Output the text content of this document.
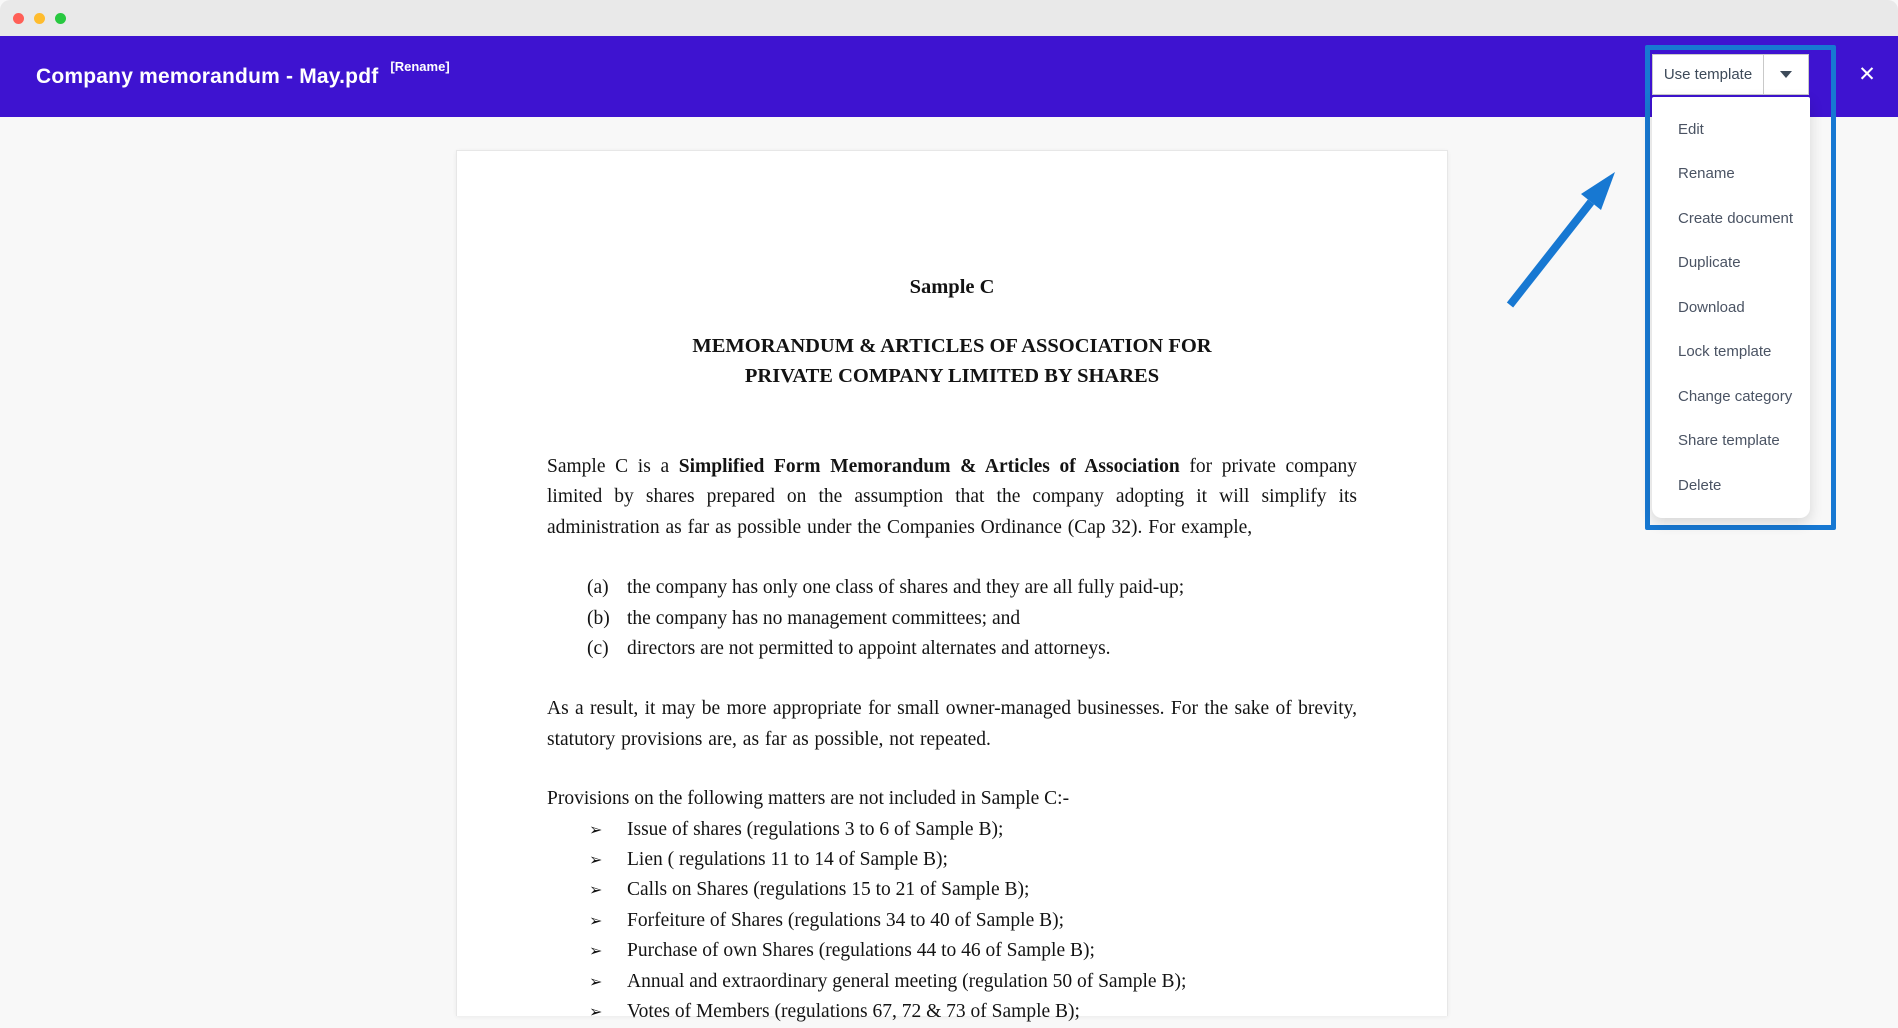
Company memorandum - May.pdf [Rename]	✕
Use template
Edit
Rename
Create document
Duplicate
Download
Lock template
Change category
Share template
Delete
Sample C
MEMORANDUM & ARTICLES OF ASSOCIATION FOR
PRIVATE COMPANY LIMITED BY SHARES

Sample C is a Simplified Form Memorandum & Articles of Association for private company limited by shares prepared on the assumption that the company adopting it will simplify its administration as far as possible under the Companies Ordinance (Cap 32). For example,

(a) the company has only one class of shares and they are all fully paid-up;
(b) the company has no management committees; and
(c) directors are not permitted to appoint alternates and attorneys.

As a result, it may be more appropriate for small owner-managed businesses. For the sake of brevity, statutory provisions are, as far as possible, not repeated.

Provisions on the following matters are not included in Sample C:-

➢ Issue of shares (regulations 3 to 6 of Sample B);
➢ Lien ( regulations 11 to 14 of Sample B);
➢ Calls on Shares (regulations 15 to 21 of Sample B);
➢ Forfeiture of Shares (regulations 34 to 40 of Sample B);
➢ Purchase of own Shares (regulations 44 to 46 of Sample B);
➢ Annual and extraordinary general meeting (regulation 50 of Sample B);
➢ Votes of Members (regulations 67, 72 & 73 of Sample B);
